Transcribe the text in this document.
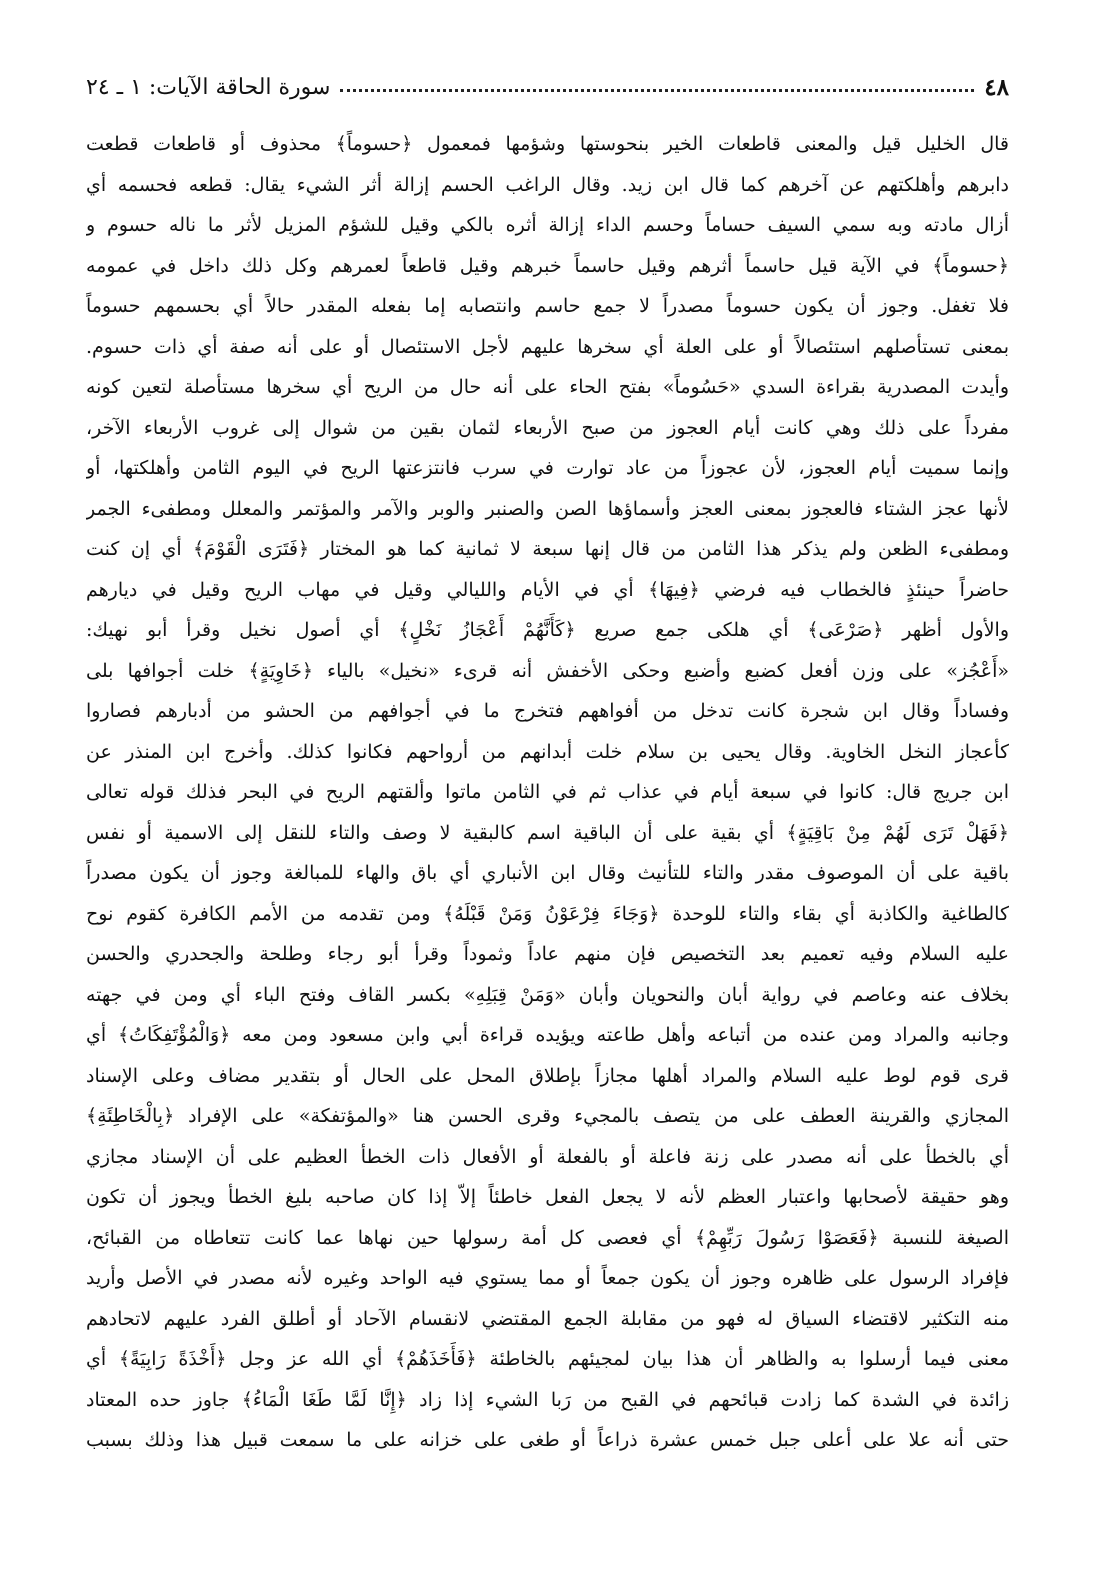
٤٨
سورة الحاقة الآيات: ١ ـ ٢٤
قال الخليل قيل والمعنى قاطعات الخير بنحوستها وشؤمها فمعمول ﴿حسوماً﴾ محذوف أو قاطعات قطعت
دابرهم وأهلكتهم عن آخرهم كما قال ابن زيد. وقال الراغب الحسم إزالة أثر الشيء يقال: قطعه فحسمه أي
أزال مادته وبه سمي السيف حساماً وحسم الداء إزالة أثره بالكي وقيل للشؤم المزيل لأثر ما ناله حسوم و
﴿حسوماً﴾ في الآية قيل حاسماً أثرهم وقيل حاسماً خبرهم وقيل قاطعاً لعمرهم وكل ذلك داخل في عمومه
فلا تغفل. وجوز أن يكون حسوماً مصدراً لا جمع حاسم وانتصابه إما بفعله المقدر حالاً أي بحسمهم حسوماً
بمعنى تستأصلهم استئصالاً أو على العلة أي سخرها عليهم لأجل الاستئصال أو على أنه صفة أي ذات حسوم.
وأيدت المصدرية بقراءة السدي «حَسُوماً» بفتح الحاء على أنه حال من الريح أي سخرها مستأصلة لتعين كونه
مفرداً على ذلك وهي كانت أيام العجوز من صبح الأربعاء لثمان بقين من شوال إلى غروب الأربعاء الآخر،
وإنما سميت أيام العجوز، لأن عجوزاً من عاد توارت في سرب فانتزعتها الريح في اليوم الثامن وأهلكتها، أو
لأنها عجز الشتاء فالعجوز بمعنى العجز وأسماؤها الصن والصنبر والوبر والآمر والمؤتمر والمعلل ومطفىء الجمر
ومطفىء الظعن ولم يذكر هذا الثامن من قال إنها سبعة لا ثمانية كما هو المختار ﴿فَتَرَى الْقَوْمَ﴾ أي إن كنت
حاضراً حينئذٍ فالخطاب فيه فرضي ﴿فِيهَا﴾ أي في الأيام والليالي وقيل في مهاب الريح وقيل في ديارهم
والأول أظهر ﴿صَرْعَى﴾ أي هلكى جمع صريع ﴿كَأَنَّهُمْ أَعْجَازُ نَخْلٍ﴾ أي أصول نخيل وقرأ أبو نهيك:
«أَعْجُز» على وزن أفعل كضبع وأضبع وحكى الأخفش أنه قرىء «نخيل» بالياء ﴿خَاوِيَةٍ﴾ خلت أجوافها بلى
وفساداً وقال ابن شجرة كانت تدخل من أفواههم فتخرج ما في أجوافهم من الحشو من أدبارهم فصاروا
كأعجاز النخل الخاوية. وقال يحيى بن سلام خلت أبدانهم من أرواحهم فكانوا كذلك. وأخرج ابن المنذر عن
ابن جريج قال: كانوا في سبعة أيام في عذاب ثم في الثامن ماتوا وألقتهم الريح في البحر فذلك قوله تعالى
﴿فَهَلْ تَرَى لَهُمْ مِنْ بَاقِيَةٍ﴾ أي بقية على أن الباقية اسم كالبقية لا وصف والتاء للنقل إلى الاسمية أو نفس
باقية على أن الموصوف مقدر والتاء للتأنيث وقال ابن الأنباري أي باق والهاء للمبالغة وجوز أن يكون مصدراً
كالطاغية والكاذبة أي بقاء والتاء للوحدة ﴿وَجَاءَ فِرْعَوْنُ وَمَنْ قَبْلَهُ﴾ ومن تقدمه من الأمم الكافرة كقوم نوح
عليه السلام وفيه تعميم بعد التخصيص فإن منهم عاداً وثموداً وقرأ أبو رجاء وطلحة والجحدري والحسن
بخلاف عنه وعاصم في رواية أبان والنحويان وأبان «وَمَنْ قِبَلِهِ» بكسر القاف وفتح الباء أي ومن في جهته
وجانبه والمراد ومن عنده من أتباعه وأهل طاعته ويؤيده قراءة أبي وابن مسعود ومن معه ﴿وَالْمُؤْتَفِكَاتُ﴾ أي
قرى قوم لوط عليه السلام والمراد أهلها مجازاً بإطلاق المحل على الحال أو بتقدير مضاف وعلى الإسناد
المجازي والقرينة العطف على من يتصف بالمجيء وقرى الحسن هنا «والمؤتفكة» على الإفراد ﴿بِالْخَاطِئَةِ﴾
أي بالخطأ على أنه مصدر على زنة فاعلة أو بالفعلة أو الأفعال ذات الخطأ العظيم على أن الإسناد مجازي
وهو حقيقة لأصحابها واعتبار العظم لأنه لا يجعل الفعل خاطئاً إلاّ إذا كان صاحبه بليغ الخطأ ويجوز أن تكون
الصيغة للنسبة ﴿فَعَصَوْا رَسُولَ رَبِّهِمْ﴾ أي فعصى كل أمة رسولها حين نهاها عما كانت تتعاطاه من القبائح،
فإفراد الرسول على ظاهره وجوز أن يكون جمعاً أو مما يستوي فيه الواحد وغيره لأنه مصدر في الأصل وأريد
منه التكثير لاقتضاء السياق له فهو من مقابلة الجمع المقتضي لانقسام الآحاد أو أطلق الفرد عليهم لاتحادهم
معنى فيما أرسلوا به والظاهر أن هذا بيان لمجيئهم بالخاطئة ﴿فَأَخَذَهُمْ﴾ أي الله عز وجل ﴿أَخْذَةً رَابِيَةً﴾ أي
زائدة في الشدة كما زادت قبائحهم في القبح من رَبا الشيء إذا زاد ﴿إِنَّا لَمَّا طَغَا الْمَاءُ﴾ جاوز حده المعتاد
حتى أنه علا على أعلى جبل خمس عشرة ذراعاً أو طغى على خزانه على ما سمعت قبيل هذا وذلك بسبب
